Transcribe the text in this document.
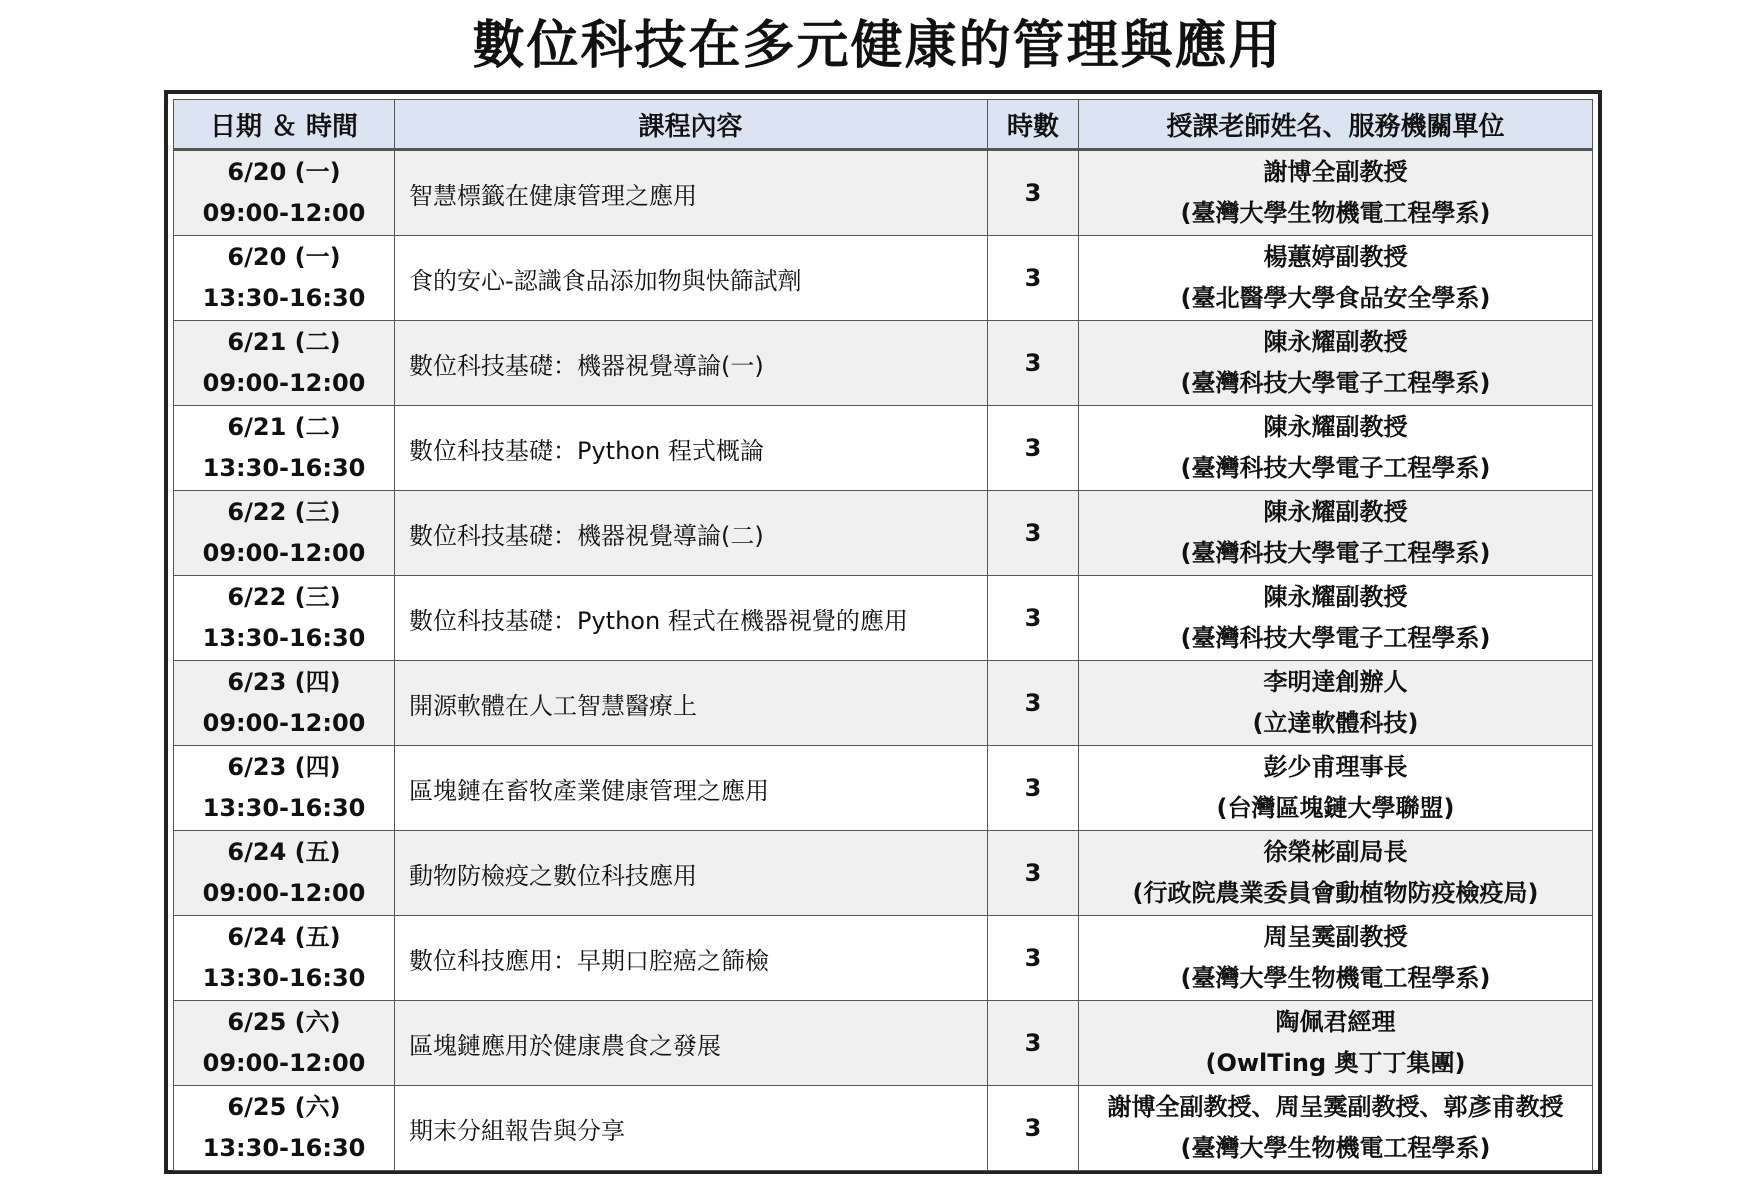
數位科技在多元健康的管理與應用
日期 ＆ 時間	課程內容	時數	授課老師姓名、服務機關單位

6/20 (一)
09:00-12:00	智慧標籤在健康管理之應用	3	謝博全副教授
(臺灣大學生物機電工程學系)

6/20 (一)
13:30-16:30	食的安心-認識食品添加物與快篩試劑	3	楊蕙婷副教授
(臺北醫學大學食品安全學系)

6/21 (二)
09:00-12:00	數位科技基礎：機器視覺導論(一)	3	陳永耀副教授
(臺灣科技大學電子工程學系)

6/21 (二)
13:30-16:30	數位科技基礎：Python 程式概論	3	陳永耀副教授
(臺灣科技大學電子工程學系)

6/22 (三)
09:00-12:00	數位科技基礎：機器視覺導論(二)	3	陳永耀副教授
(臺灣科技大學電子工程學系)

6/22 (三)
13:30-16:30	數位科技基礎：Python 程式在機器視覺的應用	3	陳永耀副教授
(臺灣科技大學電子工程學系)

6/23 (四)
09:00-12:00	開源軟體在人工智慧醫療上	3	李明達創辦人
(立達軟體科技)

6/23 (四)
13:30-16:30	區塊鏈在畜牧產業健康管理之應用	3	彭少甫理事長
(台灣區塊鏈大學聯盟)

6/24 (五)
09:00-12:00	動物防檢疫之數位科技應用	3	徐榮彬副局長
(行政院農業委員會動植物防疫檢疫局)

6/24 (五)
13:30-16:30	數位科技應用：早期口腔癌之篩檢	3	周呈霙副教授
(臺灣大學生物機電工程學系)

6/25 (六)
09:00-12:00	區塊鏈應用於健康農食之發展	3	陶佩君經理
(OwlTing 奧丁丁集團)

6/25 (六)
13:30-16:30	期末分組報告與分享	3	謝博全副教授、周呈霙副教授、郭彥甫教授
(臺灣大學生物機電工程學系)
